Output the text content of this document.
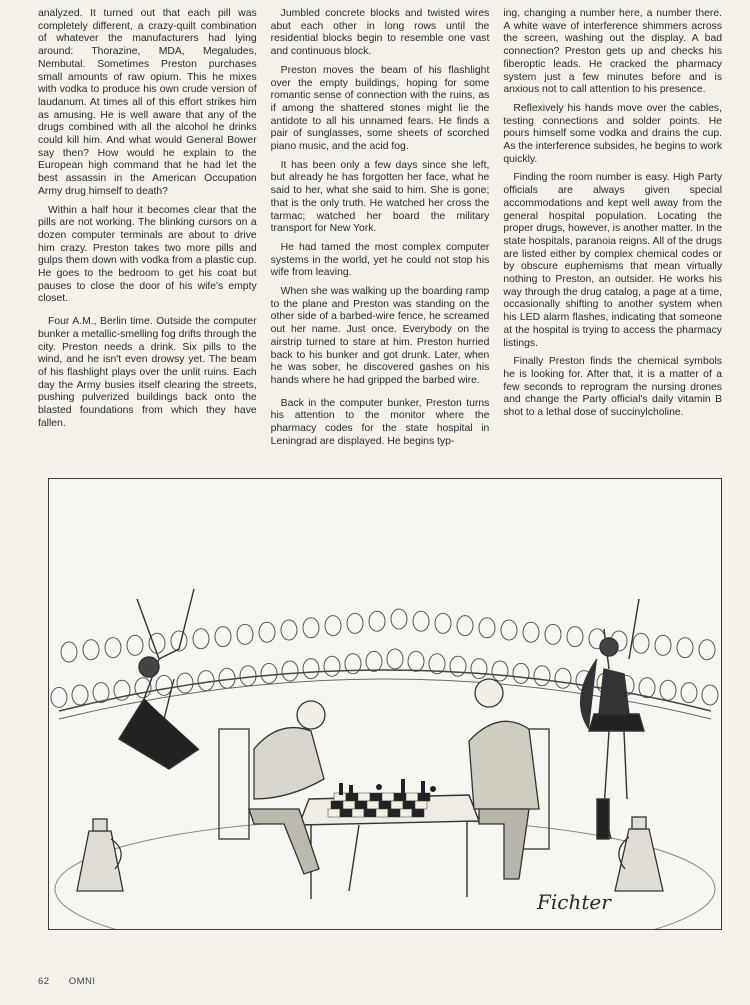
analyzed. It turned out that each pill was completely different, a crazy-quilt combination of whatever the manufacturers had lying around: Thorazine, MDA, Megaludes, Nembutal. Sometimes Preston purchases small amounts of raw opium. This he mixes with vodka to produce his own crude version of laudanum. At times all of this effort strikes him as amusing. He is well aware that any of the drugs combined with all the alcohol he drinks could kill him. And what would General Bower say then? How would he explain to the European high command that he had let the best assassin in the American Occupation Army drug himself to death?

Within a half hour it becomes clear that the pills are not working. The blinking cursors on a dozen computer terminals are about to drive him crazy. Preston takes two more pills and gulps them down with vodka from a plastic cup. He goes to the bedroom to get his coat but pauses to close the door of his wife's empty closet.

Four A.M., Berlin time. Outside the computer bunker a metallic-smelling fog drifts through the city. Preston needs a drink. Six pills to the wind, and he isn't even drowsy yet. The beam of his flashlight plays over the unlit ruins. Each day the Army busies itself clearing the streets, pushing pulverized buildings back onto the blasted foundations from which they have fallen.

Jumbled concrete blocks and twisted wires abut each other in long rows until the residential blocks begin to resemble one vast and continuous block.

Preston moves the beam of his flashlight over the empty buildings, hoping for some romantic sense of connection with the ruins, as if among the shattered stones might lie the antidote to all his unnamed fears. He finds a pair of sunglasses, some sheets of scorched piano music, and the acid fog.

It has been only a few days since she left, but already he has forgotten her face, what he said to her, what she said to him. She is gone; that is the only truth. He watched her cross the tarmac; watched her board the military transport for New York.

He had tamed the most complex computer systems in the world, yet he could not stop his wife from leaving.

When she was walking up the boarding ramp to the plane and Preston was standing on the other side of a barbed-wire fence, he screamed out her name. Just once. Everybody on the airstrip turned to stare at him. Preston hurried back to his bunker and got drunk. Later, when he was sober, he discovered gashes on his hands where he had gripped the barbed wire.

Back in the computer bunker, Preston turns his attention to the monitor where the pharmacy codes for the state hospital in Leningrad are displayed. He begins typ-

ing, changing a number here, a number there. A white wave of interference shimmers across the screen, washing out the display. A bad connection? Preston gets up and checks his fiberoptic leads. He cracked the pharmacy system just a few minutes before and is anxious not to call attention to his presence.

Reflexively his hands move over the cables, testing connections and solder points. He pours himself some vodka and drains the cup. As the interference subsides, he begins to work quickly.

Finding the room number is easy. High Party officials are always given special accommodations and kept well away from the general hospital population. Locating the proper drugs, however, is another matter. In the state hospitals, paranoia reigns. All of the drugs are listed either by complex chemical codes or by obscure euphemisms that mean virtually nothing to Preston, an outsider. He works his way through the drug catalog, a page at a time, occasionally shifting to another system when his LED alarm flashes, indicating that someone at the hospital is trying to access the pharmacy listings.

Finally Preston finds the chemical symbols he is looking for. After that, it is a matter of a few seconds to reprogram the nursing drones and change the Party official's daily vitamin B shot to a lethal dose of succinylcholine.

Fichter
62 OMNI
